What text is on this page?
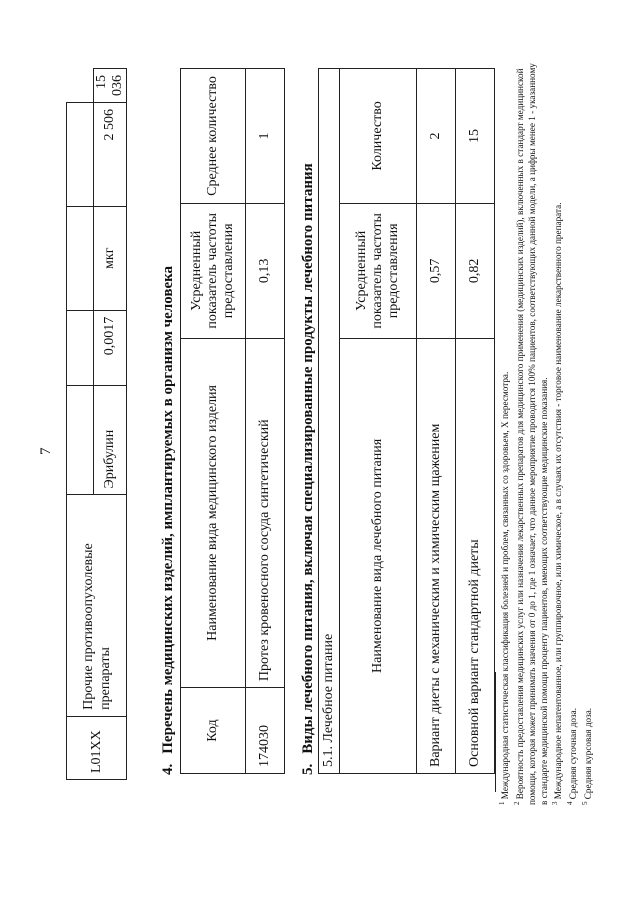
7
L01XX	Прочие противоопухолевые препараты					
		Эрибулин	0,0017	мкг	2 506	15 036
4.Перечень медицинских изделий, имплантируемых в организм человека Код	Наименование вида медицинского изделия	Усредненный показатель частоты предоставления	Среднее количество
174030	Протез кровеносного сосуда синтетический	0,13	1
5.Виды лечебного питания, включая специализированные продукты лечебного питания 5.1. Лечебное питание		
Наименование вида лечебного питания	Усредненный показатель частоты предоставления	Количество
Вариант диеты с механическим и химическим щажением	0,57	2
Основной вариант стандартной диеты	0,82	15

$^1$ Международная статистическая классификация болезней и проблем, связанных со здоровьем, X пересмотра.

$^2$ Вероятность предоставления медицинских услуг или назначения лекарственных препаратов для медицинского применения (медицинских изделий), включенных в стандарт медицинской помощи, которая может принимать значения от 0 до 1, где 1 означает, что данное мероприятие проводится 100% пациентов, соответствующих данной модели, а цифры менее 1 - указанному в стандарте медицинской помощи проценту пациентов, имеющих соответствующие медицинские показания. $^3$ Международное непатентованное, или группировочное, или химическое, а в случаях их отсутствия - торговое наименование лекарственного препарата.

$^4$ Средняя суточная доза.

$^5$ Средняя курсовая доза.
